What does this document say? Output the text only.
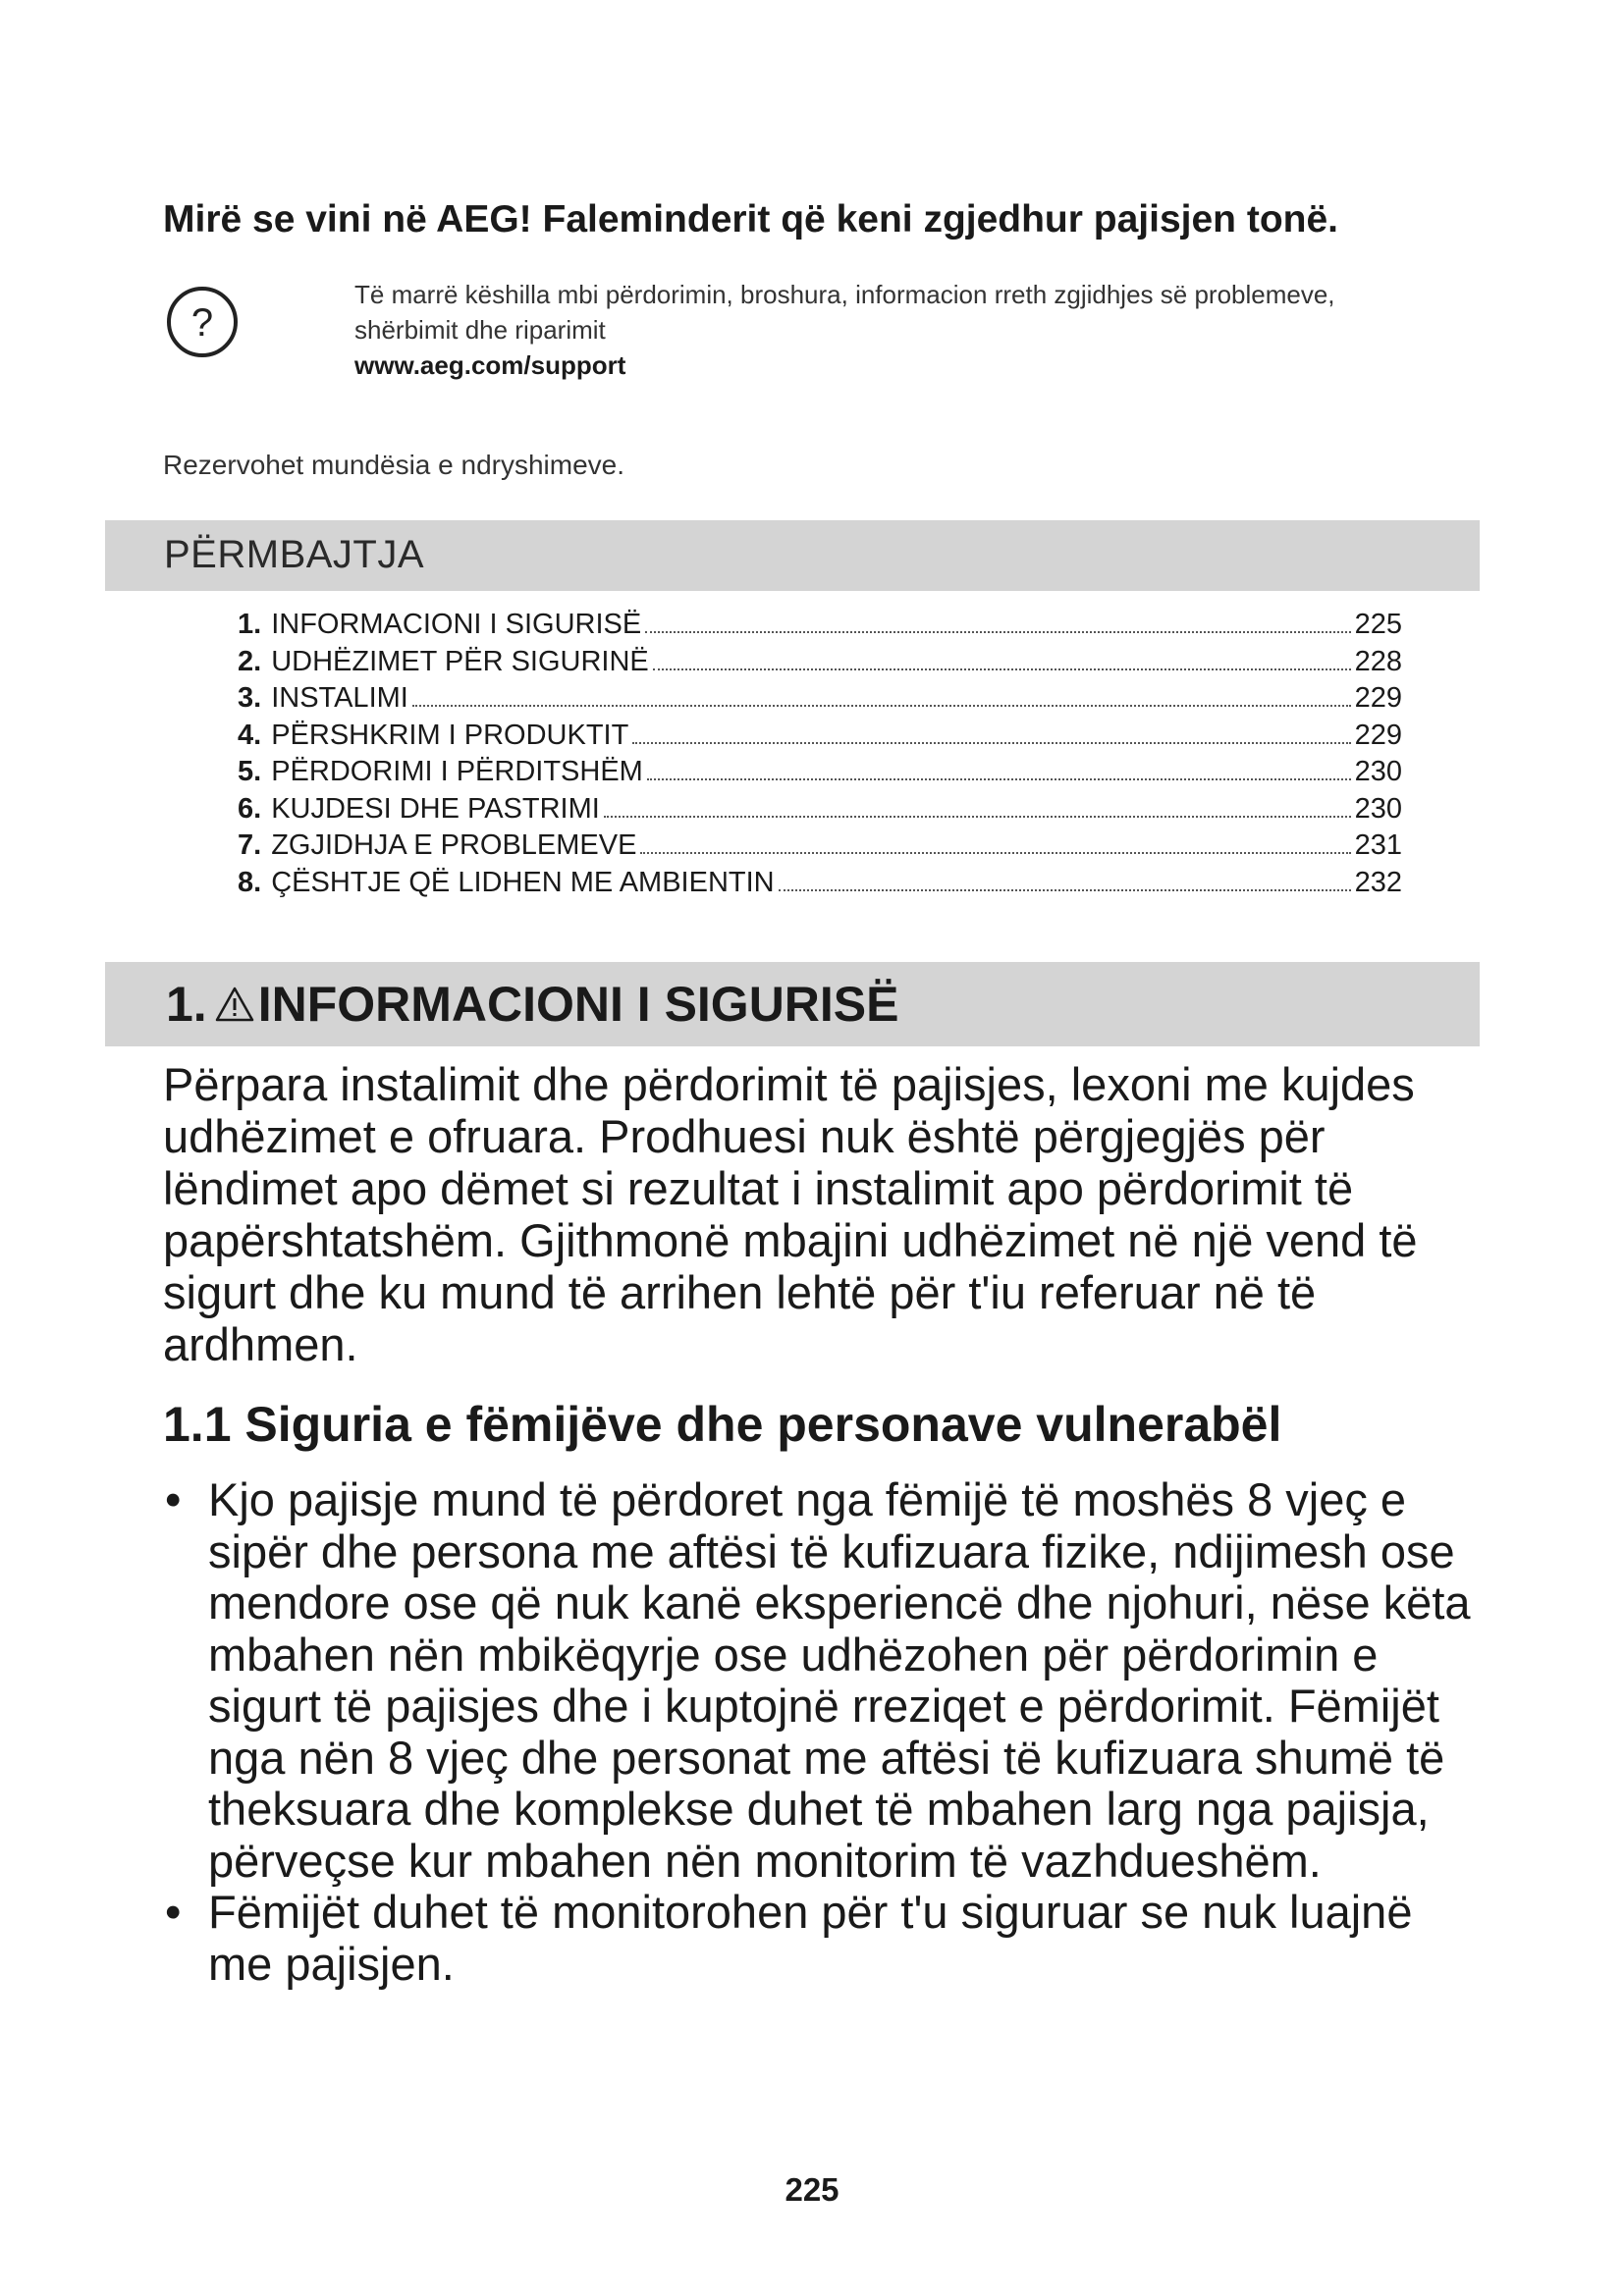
Mirë se vini në AEG! Faleminderit që keni zgjedhur pajisjen tonë.
?
Të marrë këshilla mbi përdorimin, broshura, informacion rreth zgjidhjes së problemeve, shërbimit dhe riparimit
www.aeg.com/support
Rezervohet mundësia e ndryshimeve.
PËRMBAJTJA
1. INFORMACIONI I SIGURISË	225
2. UDHËZIMET PËR SIGURINË	228
3. INSTALIMI	229
4. PËRSHKRIM I PRODUKTIT	229
5. PËRDORIMI I PËRDITSHËM	230
6. KUJDESI DHE PASTRIMI	230
7. ZGJIDHJA E PROBLEMEVE	231
8. ÇËSHTJE QË LIDHEN ME AMBIENTIN	232
1. INFORMACIONI I SIGURISË

Përpara instalimit dhe përdorimit të pajisjes, lexoni me kujdes udhëzimet e ofruara. Prodhuesi nuk është përgjegjës për lëndimet apo dëmet si rezultat i instalimit apo përdorimit të papërshtatshëm. Gjithmonë mbajini udhëzimet në një vend të sigurt dhe ku mund të arrihen lehtë për t'iu referuar në të ardhmen.

1.1 Siguria e fëmijëve dhe personave vulnerabël
• Kjo pajisje mund të përdoret nga fëmijë të moshës 8 vjeç e sipër dhe persona me aftësi të kufizuara fizike, ndijimesh ose mendore ose që nuk kanë eksperiencë dhe njohuri, nëse këta mbahen nën mbikëqyrje ose udhëzohen për përdorimin e sigurt të pajisjes dhe i kuptojnë rreziqet e përdorimit. Fëmijët nga nën 8 vjeç dhe personat me aftësi të kufizuara shumë të theksuara dhe komplekse duhet të mbahen larg nga pajisja, përveçse kur mbahen nën monitorim të vazhdueshëm.
• Fëmijët duhet të monitorohen për t'u siguruar se nuk luajnë me pajisjen.
225
